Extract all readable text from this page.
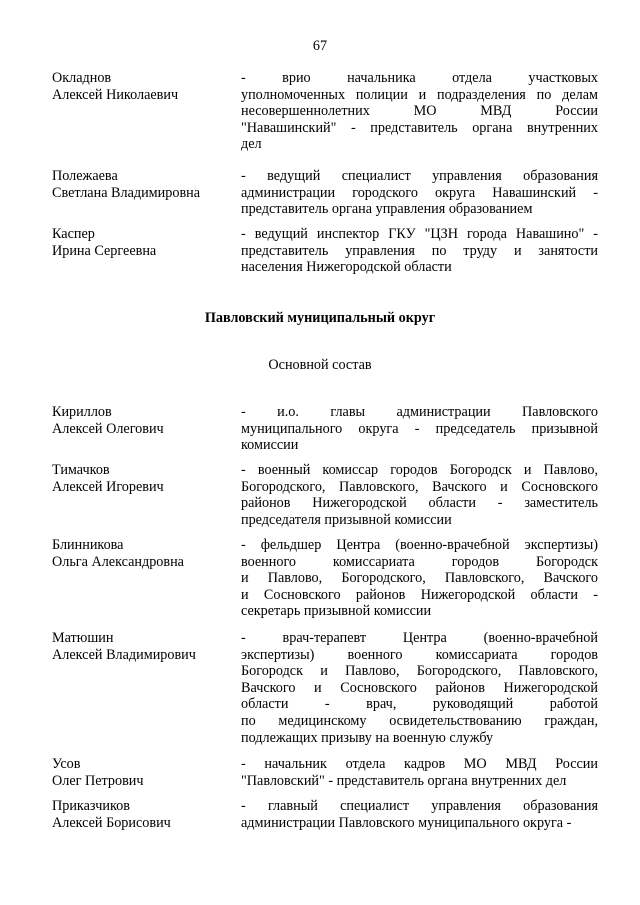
67
Окладнов
Алексей Николаевич
- врио начальника отдела участковых
уполномоченных полиции и подразделения по делам
несовершеннолетних МО МВД России
"Навашинский" - представитель органа внутренних
дел
Полежаева
Светлана Владимировна
- ведущий специалист управления образования
администрации городского округа Навашинский -
представитель органа управления образованием
Каспер
Ирина Сергеевна
- ведущий инспектор ГКУ "ЦЗН города Навашино" -
представитель управления по труду и занятости
населения Нижегородской области
Павловский муниципальный округ
Основной состав
Кириллов
Алексей Олегович
- и.о. главы администрации Павловского
муниципального округа - председатель призывной
комиссии
Тимачков
Алексей Игоревич
- военный комиссар городов Богородск и Павлово,
Богородского, Павловского, Вачского и Сосновского
районов Нижегородской области - заместитель
председателя призывной комиссии
Блинникова
Ольга Александровна
- фельдшер Центра (военно-врачебной экспертизы)
военного комиссариата городов Богородск
и Павлово, Богородского, Павловского, Вачского
и Сосновского районов Нижегородской области -
секретарь призывной комиссии
Матюшин
Алексей Владимирович
- врач-терапевт Центра (военно-врачебной
экспертизы) военного комиссариата городов
Богородск и Павлово, Богородского, Павловского,
Вачского и Сосновского районов Нижегородской
области - врач, руководящий работой
по медицинскому освидетельствованию граждан,
подлежащих призыву на военную службу
Усов
Олег Петрович
- начальник отдела кадров МО МВД России
"Павловский" - представитель органа внутренних дел
Приказчиков
Алексей Борисович
- главный специалист управления образования
администрации Павловского муниципального округа -
